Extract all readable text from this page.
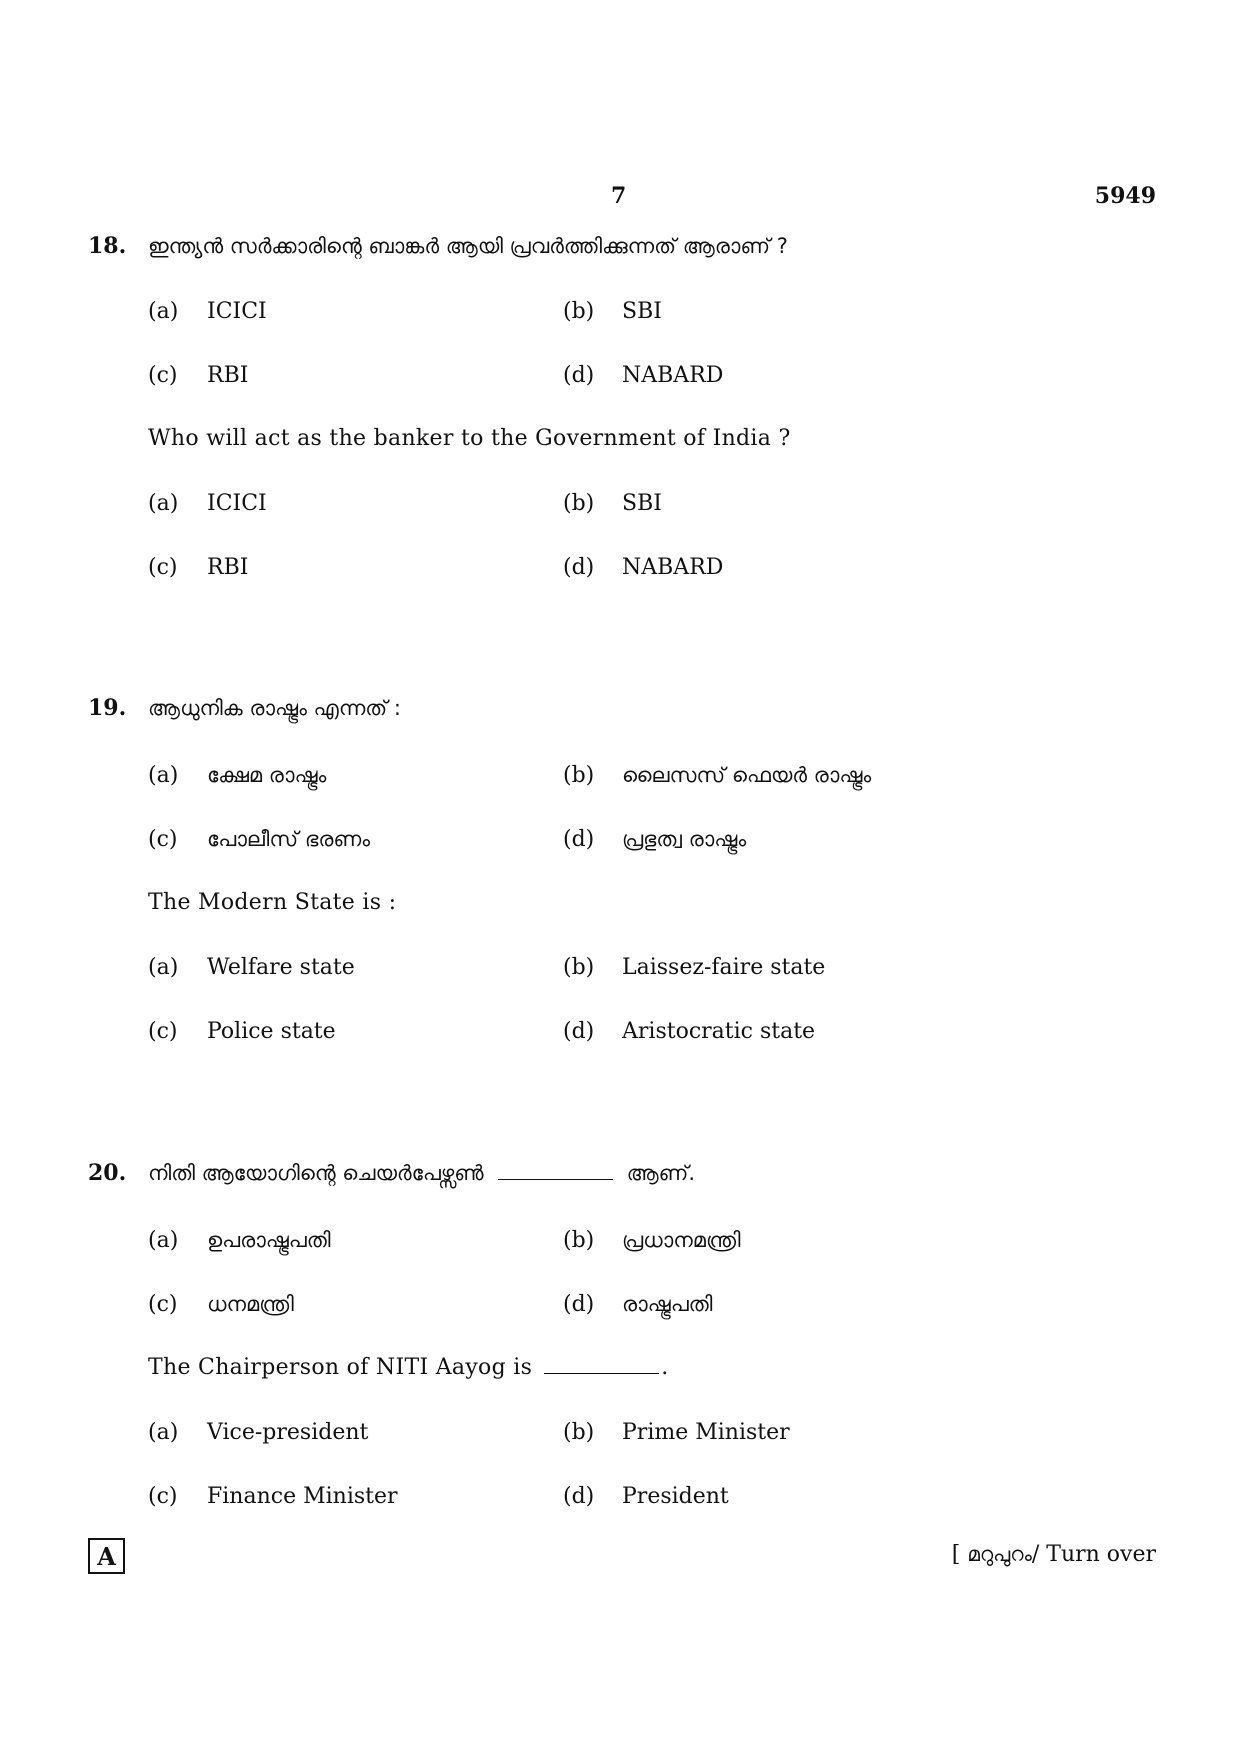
7	5949
18.	ഇന്ത്യൻ സർക്കാരിന്റെ ബാങ്കർ ആയി പ്രവർത്തിക്കുന്നത് ആരാണ് ?
(a)	ICICI	(b)	SBI
(c)	RBI	(d)	NABARD
Who will act as the banker to the Government of India ?
(a)	ICICI	(b)	SBI
(c)	RBI	(d)	NABARD
19.	ആധുനിക രാഷ്ട്രം എന്നത് :
(a)	ക്ഷേമ രാഷ്ട്രം	(b)	ലൈസസ് ഫെയർ രാഷ്ട്രം
(c)	പോലീസ് ഭരണം	(d)	പ്രഭുത്വ രാഷ്ട്രം
The Modern State is :
(a)	Welfare state	(b)	Laissez-faire state
(c)	Police state	(d)	Aristocratic state
20.	നിതി ആയോഗിന്റെ ചെയർപേഴ്സൺ	ആണ്.
(a)	ഉപരാഷ്ട്രപതി	(b)	പ്രധാനമന്ത്രി
(c)	ധനമന്ത്രി	(d)	രാഷ്ട്രപതി
The Chairperson of NITI Aayog is	.
(a)	Vice-president	(b)	Prime Minister
(c)	Finance Minister	(d)	President
A	[ മറുപുറം/ Turn over
